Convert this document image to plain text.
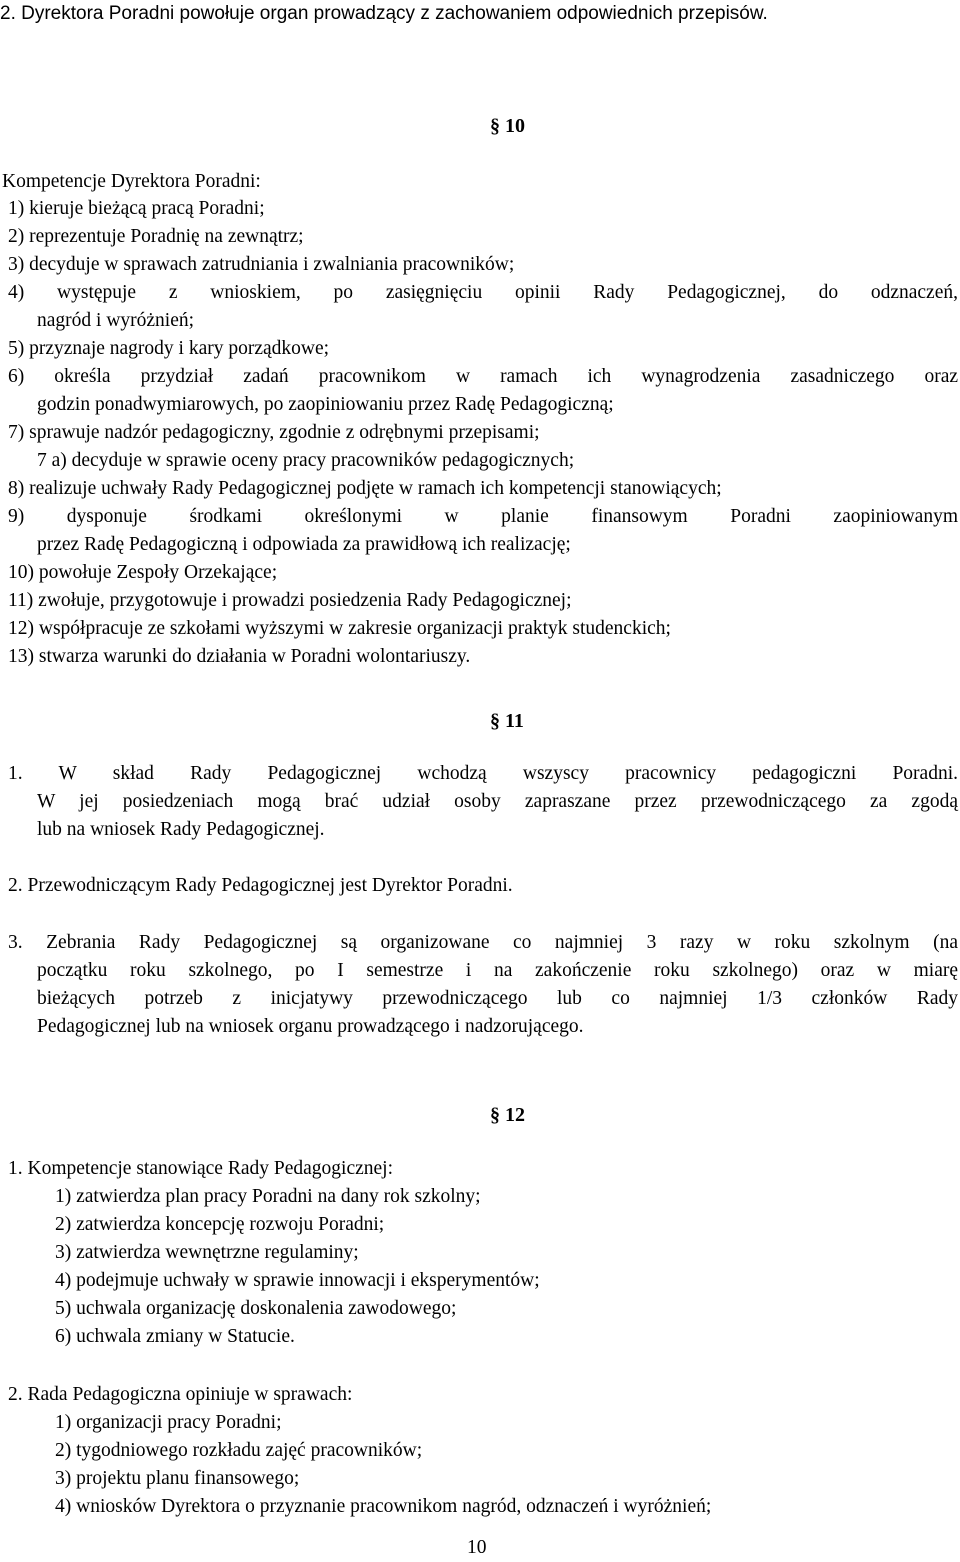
2. Dyrektora Poradni powołuje organ prowadzący z zachowaniem odpowiednich przepisów.
§ 10
Kompetencje Dyrektora Poradni:
1) kieruje bieżącą pracą Poradni;
2) reprezentuje Poradnię na zewnątrz;
3) decyduje w sprawach zatrudniania i zwalniania pracowników;
4) występuje z wnioskiem, po zasięgnięciu opinii Rady Pedagogicznej, do odznaczeń,
nagród i wyróżnień;
5) przyznaje nagrody i kary porządkowe;
6) określa przydział zadań pracownikom w ramach ich wynagrodzenia zasadniczego oraz
godzin ponadwymiarowych, po zaopiniowaniu przez Radę Pedagogiczną;
7) sprawuje nadzór pedagogiczny, zgodnie z odrębnymi przepisami;
7 a) decyduje w sprawie oceny pracy pracowników pedagogicznych;
8) realizuje uchwały Rady Pedagogicznej podjęte w ramach ich kompetencji stanowiących;
9) dysponuje środkami określonymi w planie finansowym Poradni zaopiniowanym
przez Radę Pedagogiczną i odpowiada za prawidłową ich realizację;
10) powołuje Zespoły Orzekające;
11) zwołuje, przygotowuje i prowadzi posiedzenia Rady Pedagogicznej;
12) współpracuje ze szkołami wyższymi w zakresie organizacji praktyk studenckich;
13) stwarza warunki do działania w Poradni wolontariuszy.
§ 11
1. W skład Rady Pedagogicznej wchodzą wszyscy pracownicy pedagogiczni Poradni.
W jej posiedzeniach mogą brać udział osoby zapraszane przez przewodniczącego za zgodą
lub na wniosek Rady Pedagogicznej.
2. Przewodniczącym Rady Pedagogicznej jest Dyrektor Poradni.
3. Zebrania Rady Pedagogicznej są organizowane co najmniej 3 razy w roku szkolnym (na
początku roku szkolnego, po I semestrze i na zakończenie roku szkolnego) oraz w miarę
bieżących potrzeb z inicjatywy przewodniczącego lub co najmniej 1/3 członków Rady
Pedagogicznej lub na wniosek organu prowadzącego i nadzorującego.
§ 12
1. Kompetencje stanowiące Rady Pedagogicznej:
1) zatwierdza plan pracy Poradni na dany rok szkolny;
2) zatwierdza koncepcję rozwoju Poradni;
3) zatwierdza wewnętrzne regulaminy;
4) podejmuje uchwały w sprawie innowacji i eksperymentów;
5) uchwala organizację doskonalenia zawodowego;
6) uchwala zmiany w Statucie.
2. Rada Pedagogiczna opiniuje w sprawach:
1) organizacji pracy Poradni;
2) tygodniowego rozkładu zajęć pracowników;
3) projektu planu finansowego;
4) wniosków Dyrektora o przyznanie pracownikom nagród, odznaczeń i wyróżnień;
10
